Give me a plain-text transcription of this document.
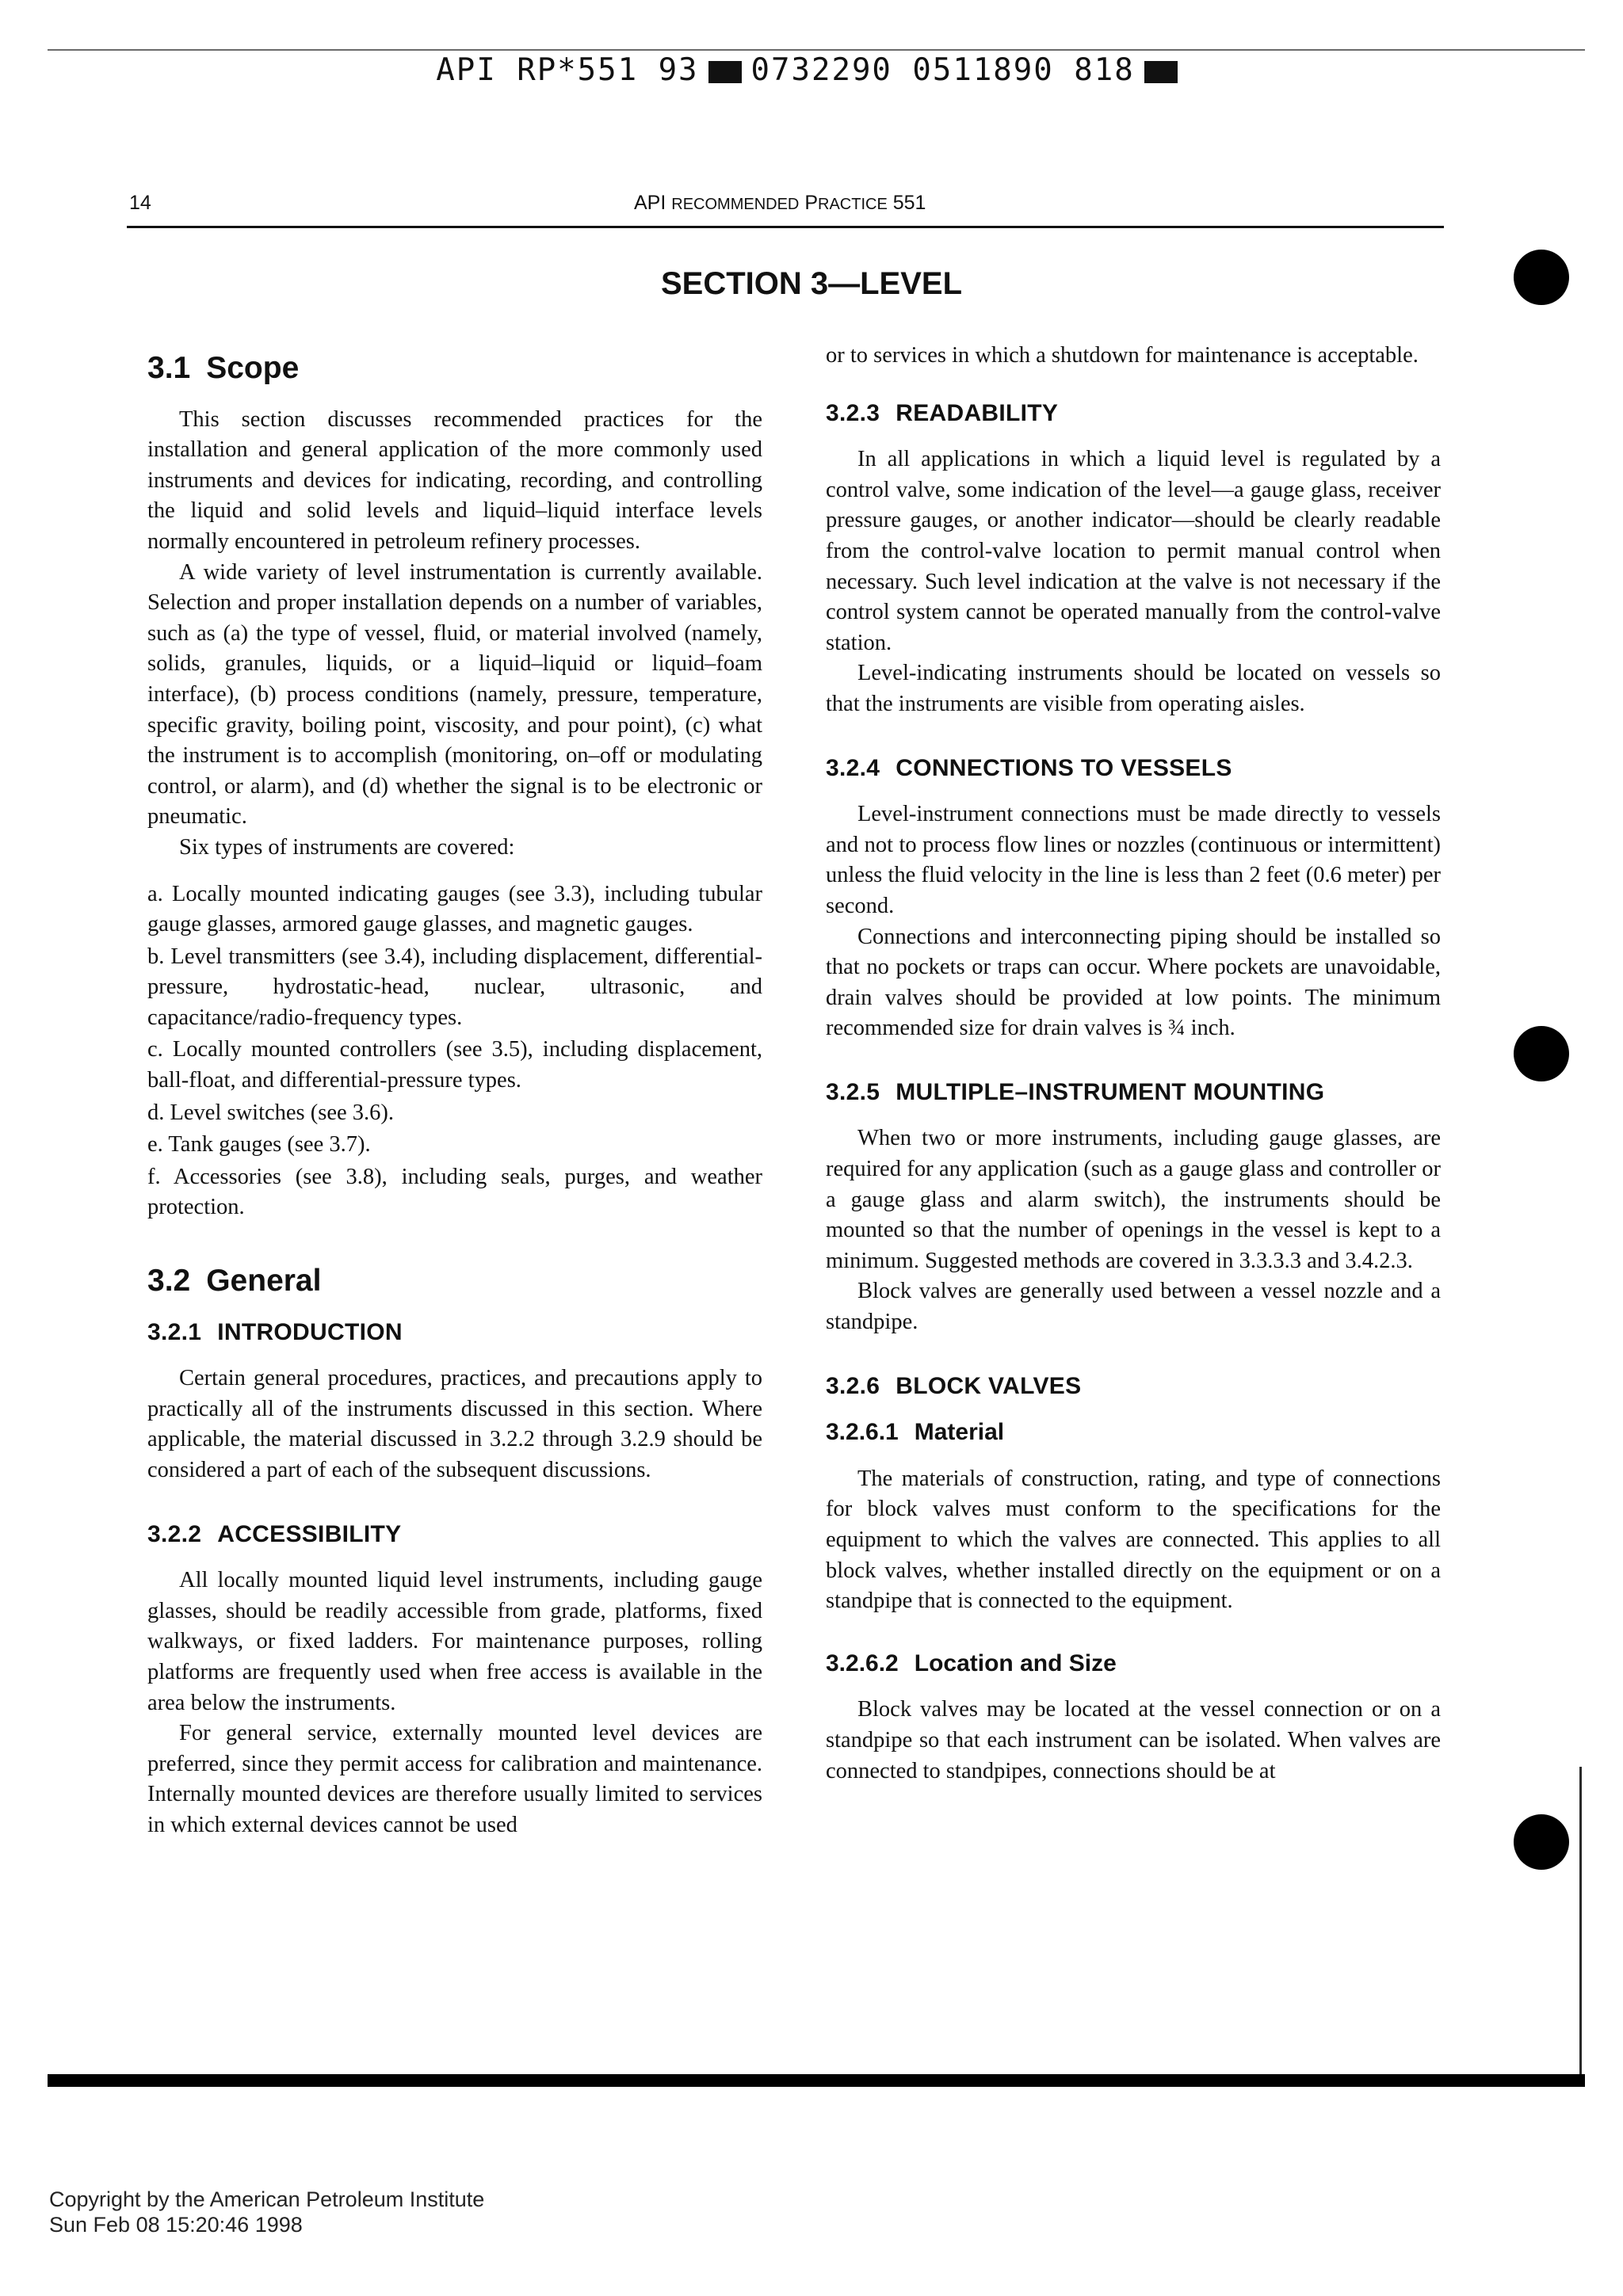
API RP*551 93 0732290 0511890 818
14	API RECOMMENDED PRACTICE 551
SECTION 3—LEVEL
3.1 Scope

This section discusses recommended practices for the installation and general application of the more commonly used instruments and devices for indicating, recording, and controlling the liquid and solid levels and liquid–liquid interface levels normally encountered in petroleum refinery processes.

A wide variety of level instrumentation is currently available. Selection and proper installation depends on a number of variables, such as (a) the type of vessel, fluid, or material involved (namely, solids, granules, liquids, or a liquid–liquid or liquid–foam interface), (b) process conditions (namely, pressure, temperature, specific gravity, boiling point, viscosity, and pour point), (c) what the instrument is to accomplish (monitoring, on–off or modulating control, or alarm), and (d) whether the signal is to be electronic or pneumatic.

Six types of instruments are covered:

a. Locally mounted indicating gauges (see 3.3), including tubular gauge glasses, armored gauge glasses, and magnetic gauges.

b. Level transmitters (see 3.4), including displacement, differential-pressure, hydrostatic-head, nuclear, ultrasonic, and capacitance/radio-frequency types.

c. Locally mounted controllers (see 3.5), including displacement, ball-float, and differential-pressure types.

d. Level switches (see 3.6).

e. Tank gauges (see 3.7).

f. Accessories (see 3.8), including seals, purges, and weather protection.

3.2 General
3.2.1 INTRODUCTION

Certain general procedures, practices, and precautions apply to practically all of the instruments discussed in this section. Where applicable, the material discussed in 3.2.2 through 3.2.9 should be considered a part of each of the subsequent discussions.

3.2.2 ACCESSIBILITY

All locally mounted liquid level instruments, including gauge glasses, should be readily accessible from grade, platforms, fixed walkways, or fixed ladders. For maintenance purposes, rolling platforms are frequently used when free access is available in the area below the instruments.

For general service, externally mounted level devices are preferred, since they permit access for calibration and maintenance. Internally mounted devices are therefore usually limited to services in which external devices cannot be used

or to services in which a shutdown for maintenance is acceptable.

3.2.3 READABILITY

In all applications in which a liquid level is regulated by a control valve, some indication of the level—a gauge glass, receiver pressure gauges, or another indicator—should be clearly readable from the control-valve location to permit manual control when necessary. Such level indication at the valve is not necessary if the control system cannot be operated manually from the control-valve station.

Level-indicating instruments should be located on vessels so that the instruments are visible from operating aisles.

3.2.4 CONNECTIONS TO VESSELS

Level-instrument connections must be made directly to vessels and not to process flow lines or nozzles (continuous or intermittent) unless the fluid velocity in the line is less than 2 feet (0.6 meter) per second.

Connections and interconnecting piping should be installed so that no pockets or traps can occur. Where pockets are unavoidable, drain valves should be provided at low points. The minimum recommended size for drain valves is ¾ inch.

3.2.5 MULTIPLE–INSTRUMENT MOUNTING

When two or more instruments, including gauge glasses, are required for any application (such as a gauge glass and controller or a gauge glass and alarm switch), the instruments should be mounted so that the number of openings in the vessel is kept to a minimum. Suggested methods are covered in 3.3.3.3 and 3.4.2.3.

Block valves are generally used between a vessel nozzle and a standpipe.

3.2.6 BLOCK VALVES
3.2.6.1 Material

The materials of construction, rating, and type of connections for block valves must conform to the specifications for the equipment to which the valves are connected. This applies to all block valves, whether installed directly on the equipment or on a standpipe that is connected to the equipment.

3.2.6.2 Location and Size

Block valves may be located at the vessel connection or on a standpipe so that each instrument can be isolated. When valves are connected to standpipes, connections should be at

Copyright by the American Petroleum Institute
Sun Feb 08 15:20:46 1998
